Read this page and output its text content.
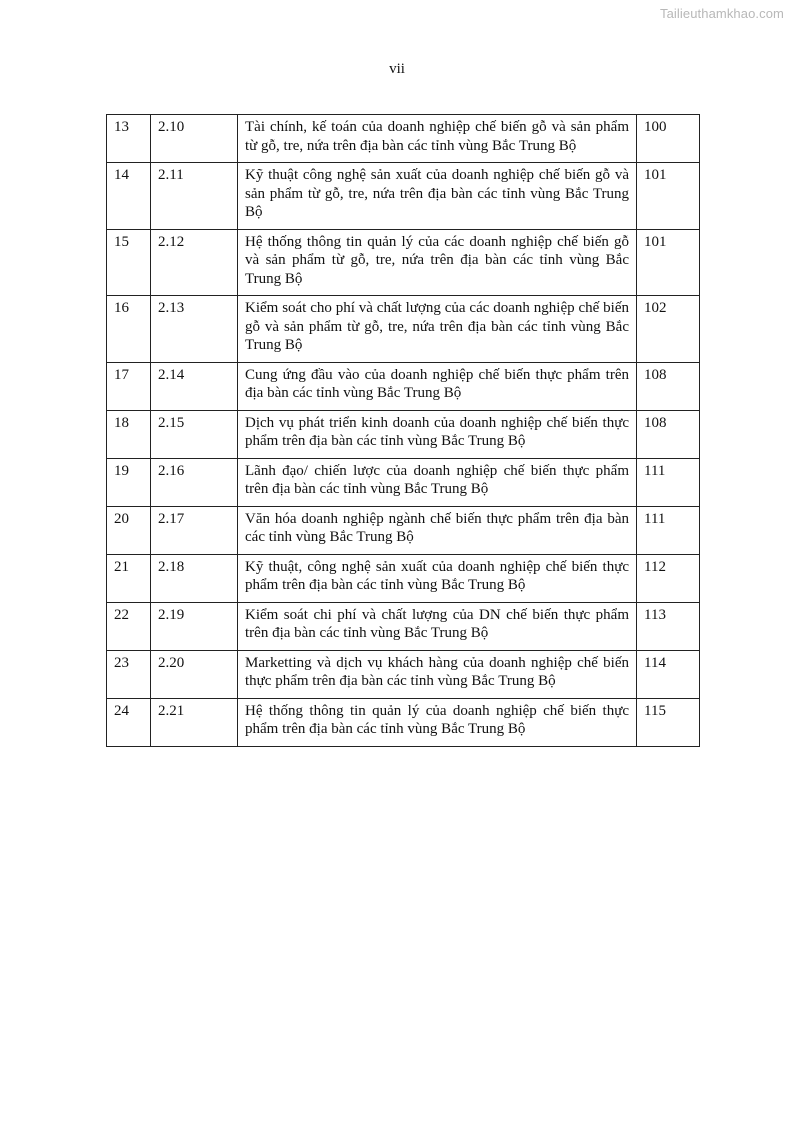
Tailieuthamkhao.com
vii
13	2.10	Tài chính, kế toán của doanh nghiệp chế biến gỗ và sản phẩm từ gỗ, tre, nứa trên địa bàn các tỉnh vùng Bắc Trung Bộ	100
14	2.11	Kỹ thuật công nghệ sản xuất của doanh nghiệp chế biến gỗ và sản phẩm từ gỗ, tre, nứa trên địa bàn các tỉnh vùng Bắc Trung Bộ	101
15	2.12	Hệ thống thông tin quản lý của các doanh nghiệp chế biến gỗ và sản phẩm từ gỗ, tre, nứa trên địa bàn các tỉnh vùng Bắc Trung Bộ	101
16	2.13	Kiểm soát cho phí và chất lượng của các doanh nghiệp chế biến gỗ và sản phẩm từ gỗ, tre, nứa trên địa bàn các tỉnh vùng Bắc Trung Bộ	102
17	2.14	Cung ứng đầu vào của doanh nghiệp chế biến thực phẩm trên địa bàn các tỉnh vùng Bắc Trung Bộ	108
18	2.15	Dịch vụ phát triển kinh doanh của doanh nghiệp chế biến thực phẩm trên địa bàn các tỉnh vùng Bắc Trung Bộ	108
19	2.16	Lãnh đạo/ chiến lược của doanh nghiệp chế biến thực phẩm trên địa bàn các tỉnh vùng Bắc Trung Bộ	111
20	2.17	Văn hóa doanh nghiệp ngành chế biến thực phẩm trên địa bàn các tỉnh vùng Bắc Trung Bộ	111
21	2.18	Kỹ thuật, công nghệ sản xuất của doanh nghiệp chế biến thực phẩm trên địa bàn các tỉnh vùng Bắc Trung Bộ	112
22	2.19	Kiểm soát chi phí và chất lượng của DN chế biến thực phẩm trên địa bàn các tỉnh vùng Bắc Trung Bộ	113
23	2.20	Marketting và dịch vụ khách hàng của doanh nghiệp chế biến thực phẩm trên địa bàn các tỉnh vùng Bắc Trung Bộ	114
24	2.21	Hệ thống thông tin quản lý của doanh nghiệp chế biến thực phẩm trên địa bàn các tỉnh vùng Bắc Trung Bộ	115
